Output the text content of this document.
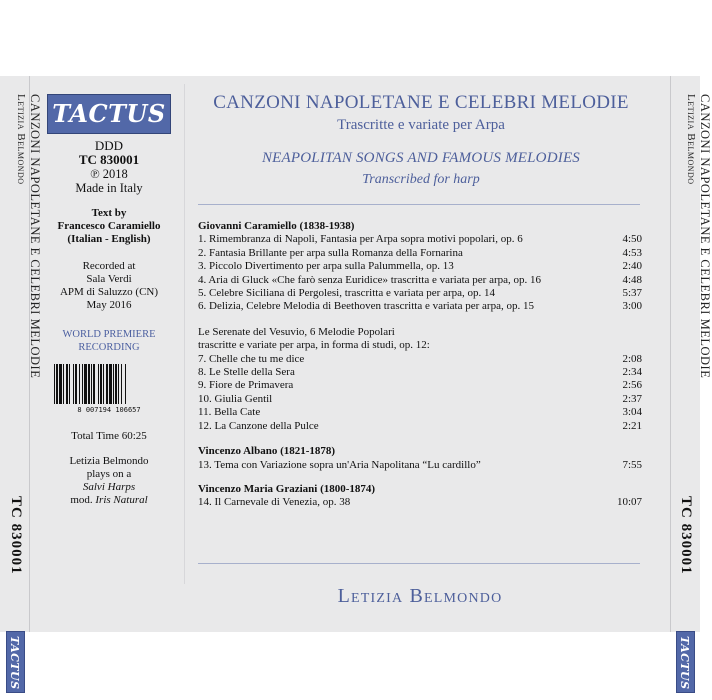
CANZONI NAPOLETANE E CELEBRI MELODIE
Letizia Belmondo
TC 830001
TACTUS
CANZONI NAPOLETANE E CELEBRI MELODIE
Letizia Belmondo
TC 830001
TACTUS
TACTUS
DDD
TC 830001
℗ 2018
Made in Italy
Text by
Francesco Caramiello
(Italian - English)
Recorded at
Sala Verdi
APM di Saluzzo (CN)
May 2016
WORLD PREMIERE
RECORDING
8 007194 106657
Total Time 60:25
Letizia Belmondo
plays on a
Salvi Harps
mod. Iris Natural
CANZONI NAPOLETANE E CELEBRI MELODIE
Trascritte e variate per Arpa
NEAPOLITAN SONGS AND FAMOUS MELODIES
Transcribed for harp
Giovanni Caramiello (1838-1938)
1. Rimembranza di Napoli, Fantasia per Arpa sopra motivi popolari, op. 6	4:50
2. Fantasia Brillante per arpa sulla Romanza della Fornarina	4:53
3. Piccolo Divertimento per arpa sulla Palummella, op. 13	2:40
4. Aria di Gluck «Che farò senza Euridice» trascritta e variata per arpa, op. 16	4:48
5. Celebre Siciliana di Pergolesi, trascritta e variata per arpa, op. 14	5:37
6. Delizia, Celebre Melodia di Beethoven trascritta e variata per arpa, op. 15	3:00
Le Serenate del Vesuvio, 6 Melodie Popolari
trascritte e variate per arpa, in forma di studi, op. 12:
7. Chelle che tu me dice	2:08
8. Le Stelle della Sera	2:34
9. Fiore de Primavera	2:56
10. Giulia Gentil	2:37
11. Bella Cate	3:04
12. La Canzone della Pulce	2:21
Vincenzo Albano (1821-1878)
13. Tema con Variazione sopra un'Aria Napolitana “Lu cardillo”	7:55
Vincenzo Maria Graziani (1800-1874)
14. Il Carnevale di Venezia, op. 38	10:07
Letizia Belmondo
